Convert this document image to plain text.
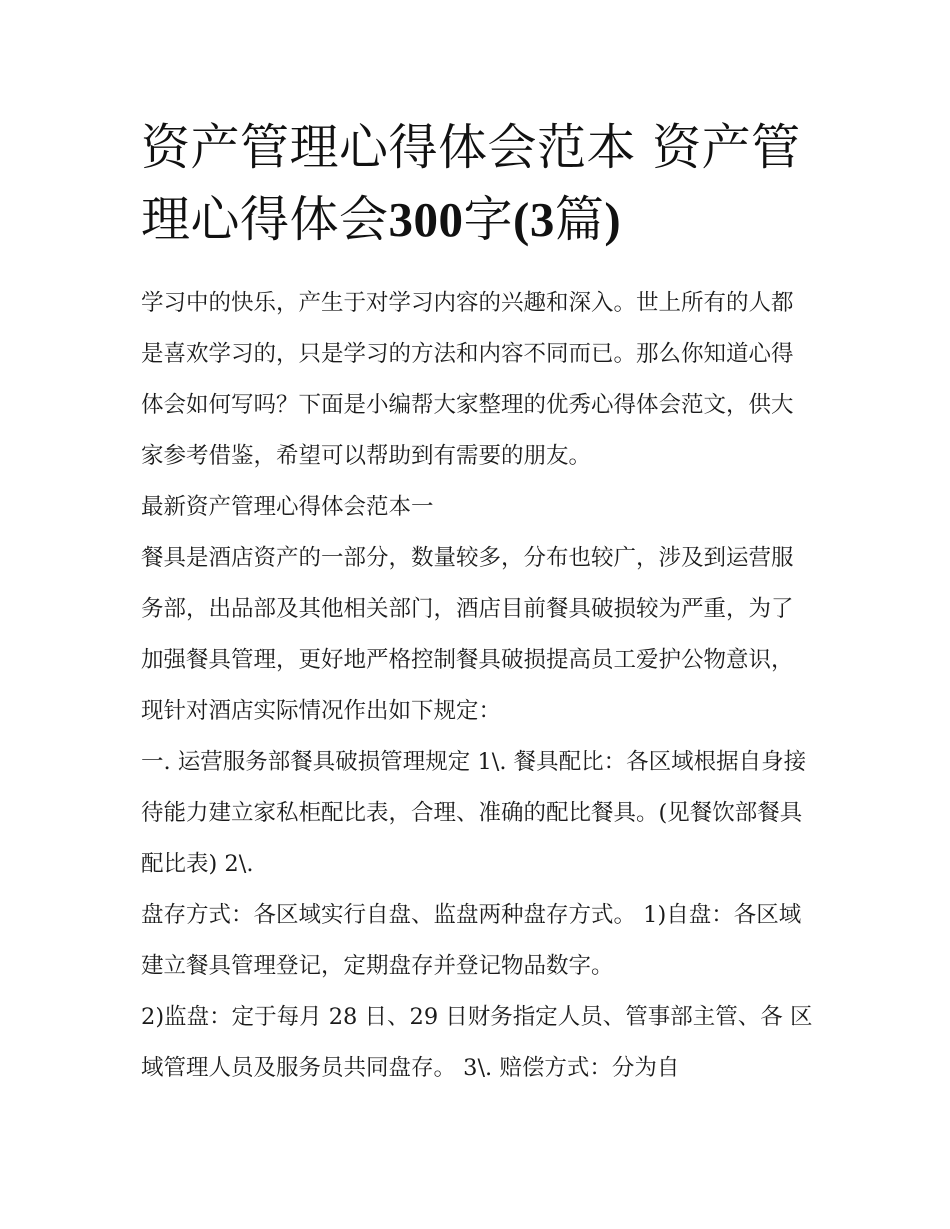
资产管理心得体会范本 资产管理心得体会300字(3篇)

学习中的快乐，产生于对学习内容的兴趣和深入。世上所有的人都是喜欢学习的，只是学习的方法和内容不同而已。那么你知道心得体会如何写吗？下面是小编帮大家整理的优秀心得体会范文，供大家参考借鉴，希望可以帮助到有需要的朋友。

最新资产管理心得体会范本一

餐具是酒店资产的一部分，数量较多，分布也较广，涉及到运营服务部，出品部及其他相关部门，酒店目前餐具破损较为严重，为了加强餐具管理，更好地严格控制餐具破损提高员工爱护公物意识，现针对酒店实际情况作出如下规定：

一. 运营服务部餐具破损管理规定 1\. 餐具配比：各区域根据自身接待能力建立家私柜配比表，合理、准确的配比餐具。(见餐饮部餐具配比表) 2\.

盘存方式：各区域实行自盘、监盘两种盘存方式。 1)自盘：各区域建立餐具管理登记，定期盘存并登记物品数字。

2)监盘：定于每月 28 日、29 日财务指定人员、管事部主管、各 区域管理人员及服务员共同盘存。 3\. 赔偿方式：分为自
